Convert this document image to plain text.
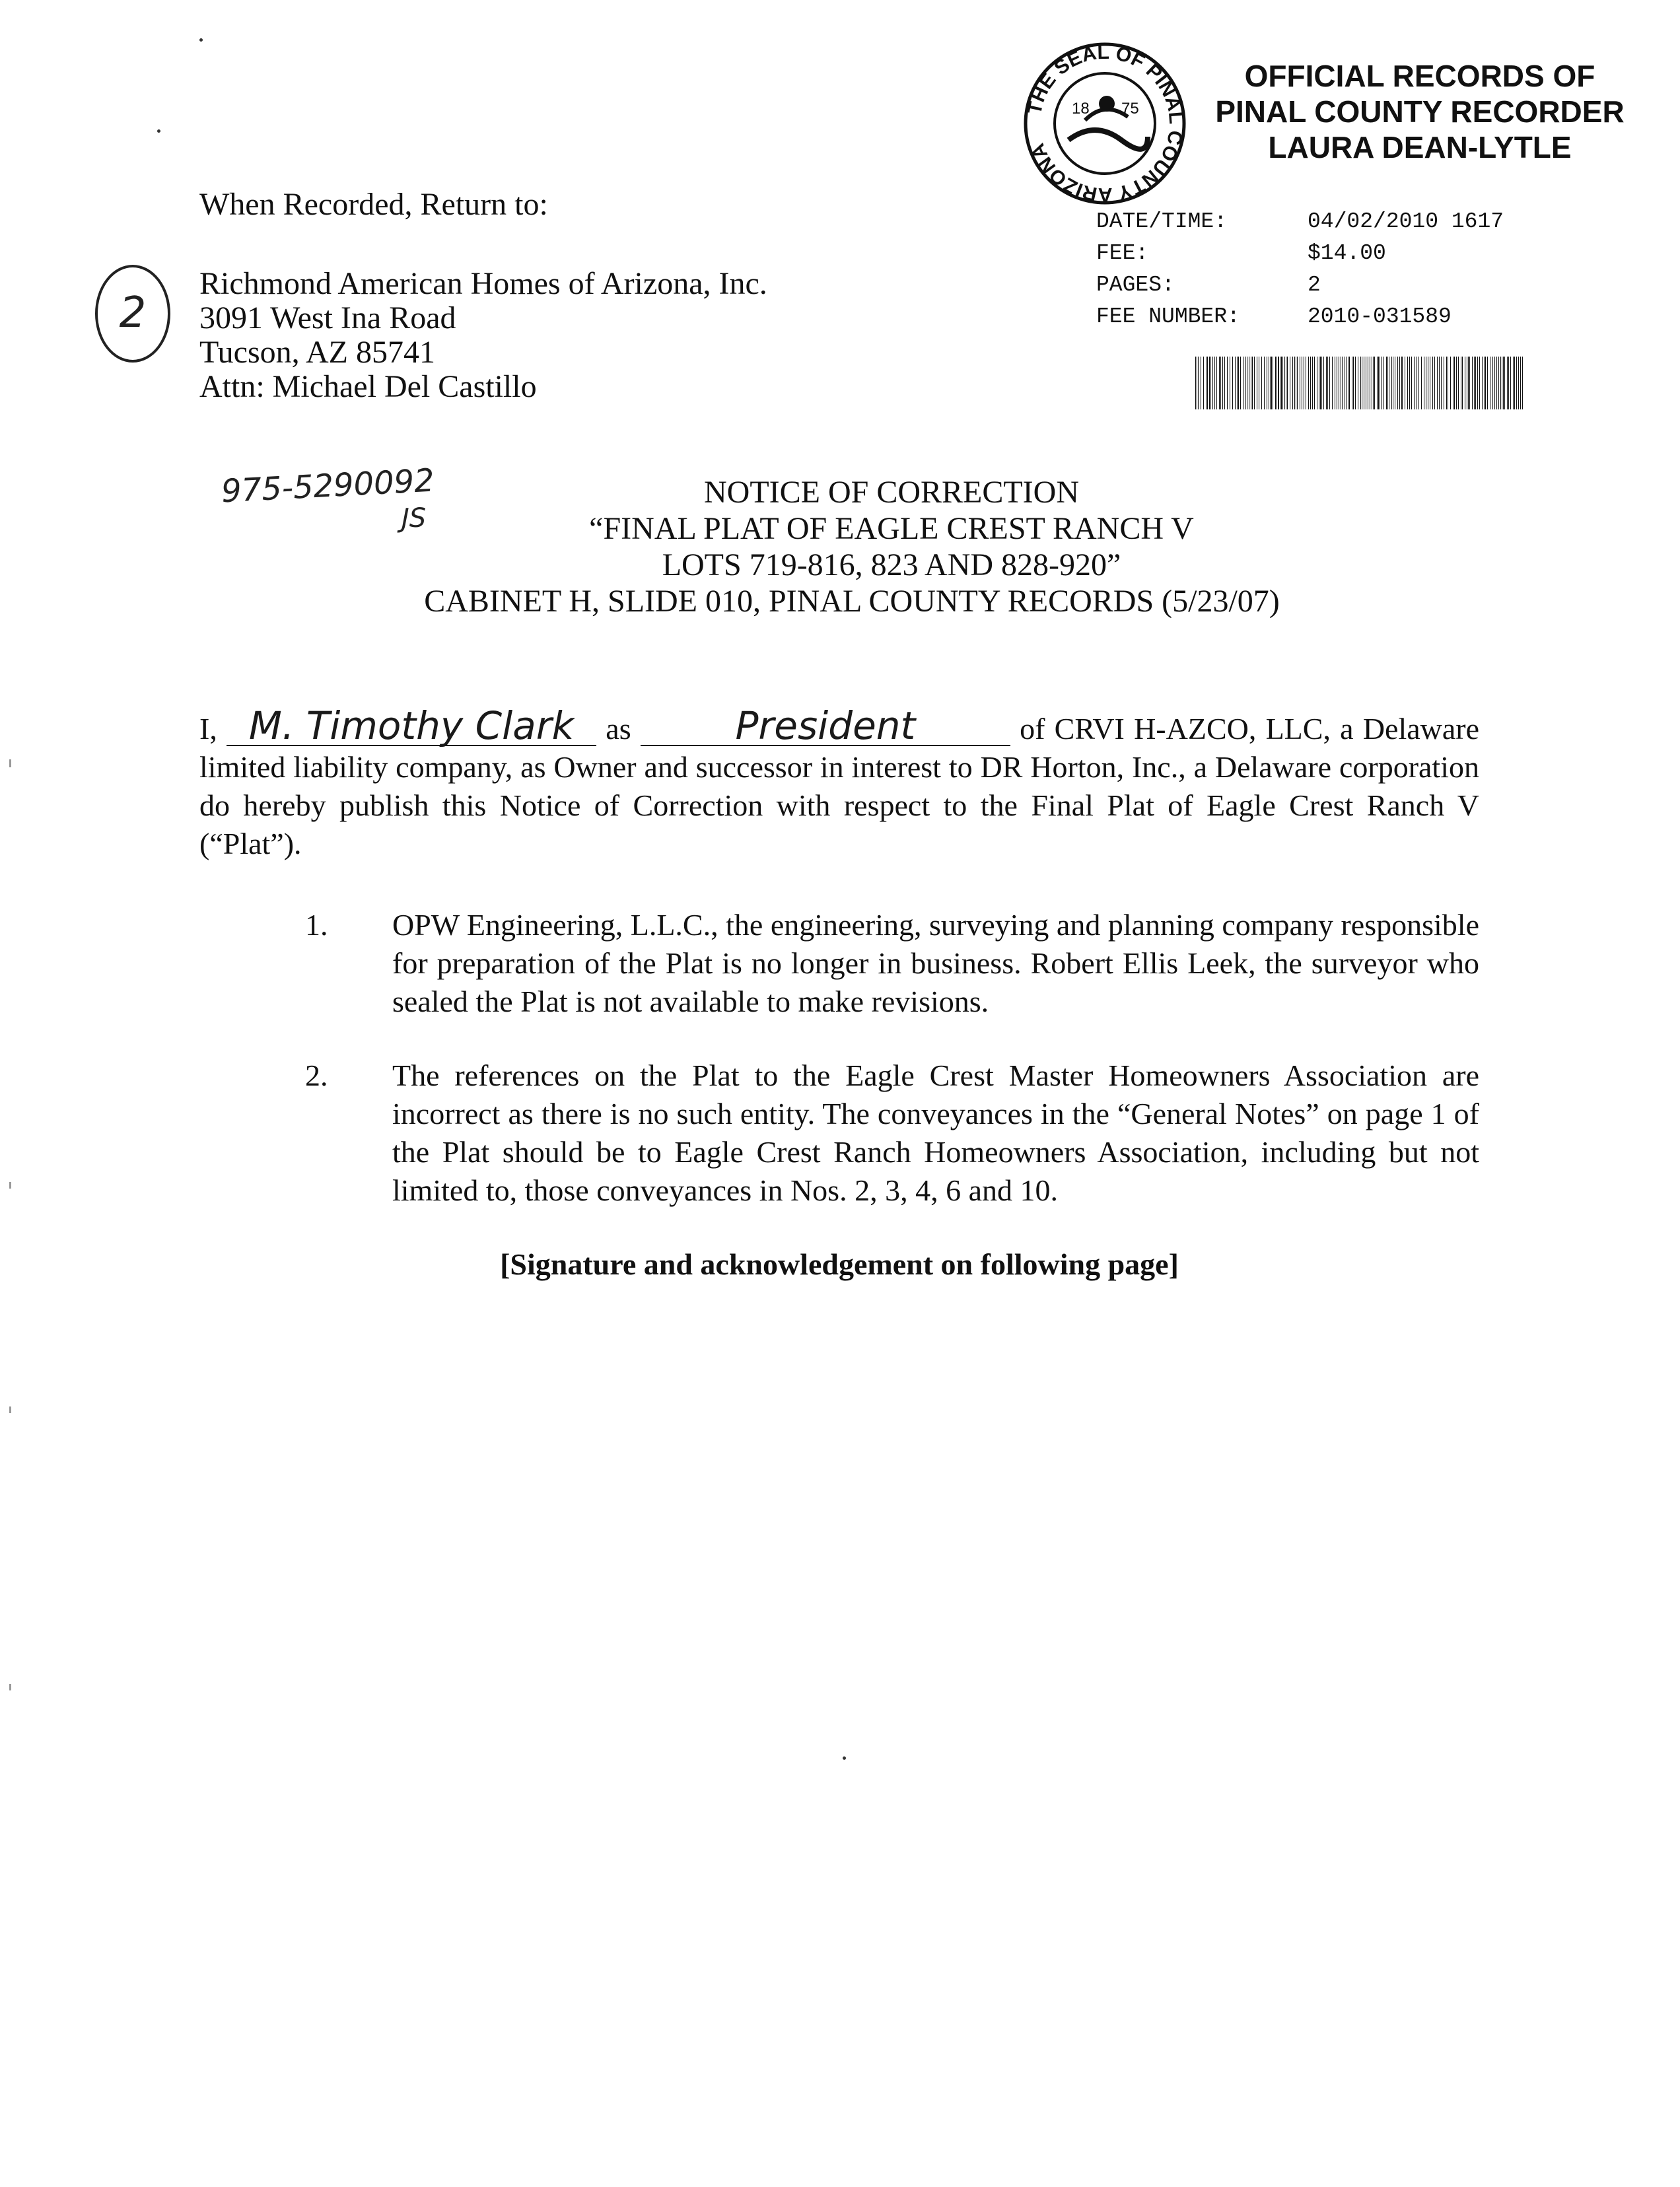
THE SEAL OF PINAL COUNTY ARIZONA
18 75
OFFICIAL RECORDS OF
PINAL COUNTY RECORDER
LAURA DEAN-LYTLE
DATE/TIME:	04/02/2010 1617
FEE:	$14.00
PAGES:	2
FEE NUMBER:	2010-031589
When Recorded, Return to:
2
Richmond American Homes of Arizona, Inc.
3091 West Ina Road
Tucson, AZ 85741
Attn: Michael Del Castillo
975-5290092
JS
NOTICE OF CORRECTION
“FINAL PLAT OF EAGLE CREST RANCH V
LOTS 719-816, 823 AND 828-920”
CABINET H, SLIDE 010, PINAL COUNTY RECORDS (5/23/07)
I, M. Timothy Clark as	President	of CRVI H-AZCO, LLC, a Delaware limited liability company, as Owner and successor in interest to DR Horton, Inc., a Delaware corporation do hereby publish this Notice of Correction with respect to the Final Plat of Eagle Crest Ranch V (“Plat”).
1.	OPW Engineering, L.L.C., the engineering, surveying and planning company responsible for preparation of the Plat is no longer in business. Robert Ellis Leek, the surveyor who sealed the Plat is not available to make revisions.
2.	The references on the Plat to the Eagle Crest Master Homeowners Association are incorrect as there is no such entity. The conveyances in the “General Notes” on page 1 of the Plat should be to Eagle Crest Ranch Homeowners Association, including but not limited to, those conveyances in Nos. 2, 3, 4, 6 and 10.
[Signature and acknowledgement on following page]
